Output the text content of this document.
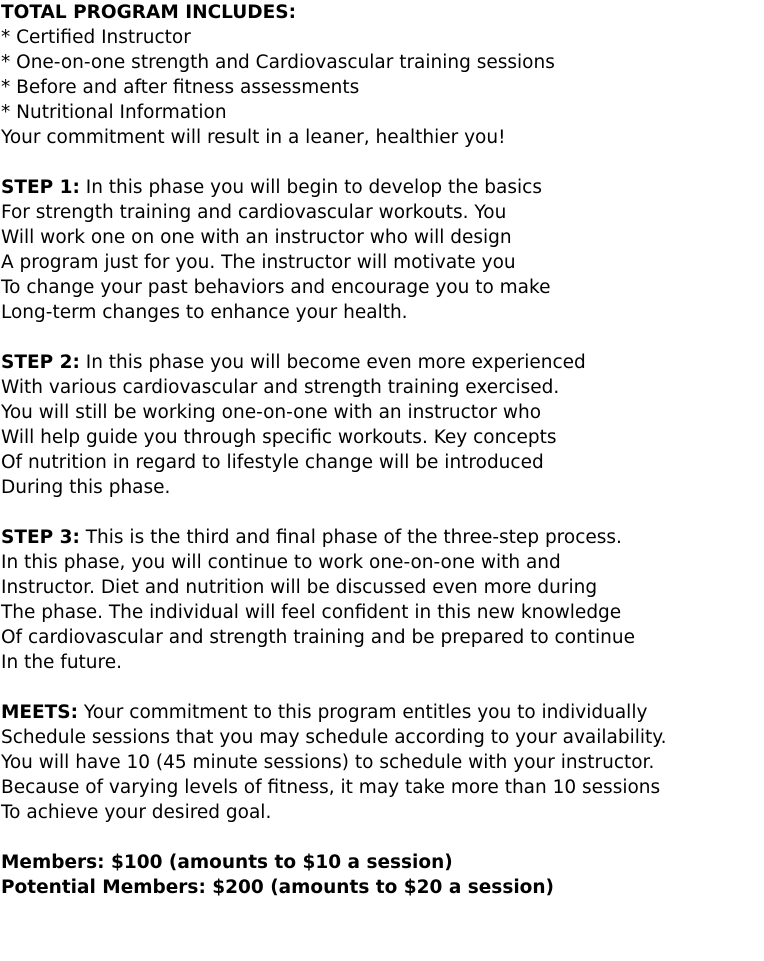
TOTAL PROGRAM INCLUDES:
* Certified Instructor
* One-on-one strength and Cardiovascular training sessions
* Before and after fitness assessments
* Nutritional Information
Your commitment will result in a leaner, healthier you!
STEP 1: In this phase you will begin to develop the basics
For strength training and cardiovascular workouts. You
Will work one on one with an instructor who will design
A program just for you. The instructor will motivate you
To change your past behaviors and encourage you to make
Long-term changes to enhance your health.
STEP 2: In this phase you will become even more experienced
With various cardiovascular and strength training exercised.
You will still be working one-on-one with an instructor who
Will help guide you through specific workouts. Key concepts
Of nutrition in regard to lifestyle change will be introduced
During this phase.
STEP 3: This is the third and final phase of the three-step process.
In this phase, you will continue to work one-on-one with and
Instructor. Diet and nutrition will be discussed even more during
The phase. The individual will feel confident in this new knowledge
Of cardiovascular and strength training and be prepared to continue
In the future.
MEETS: Your commitment to this program entitles you to individually
Schedule sessions that you may schedule according to your availability.
You will have 10 (45 minute sessions) to schedule with your instructor.
Because of varying levels of fitness, it may take more than 10 sessions
To achieve your desired goal.
Members: $100 (amounts to $10 a session)
Potential Members: $200 (amounts to $20 a session)
